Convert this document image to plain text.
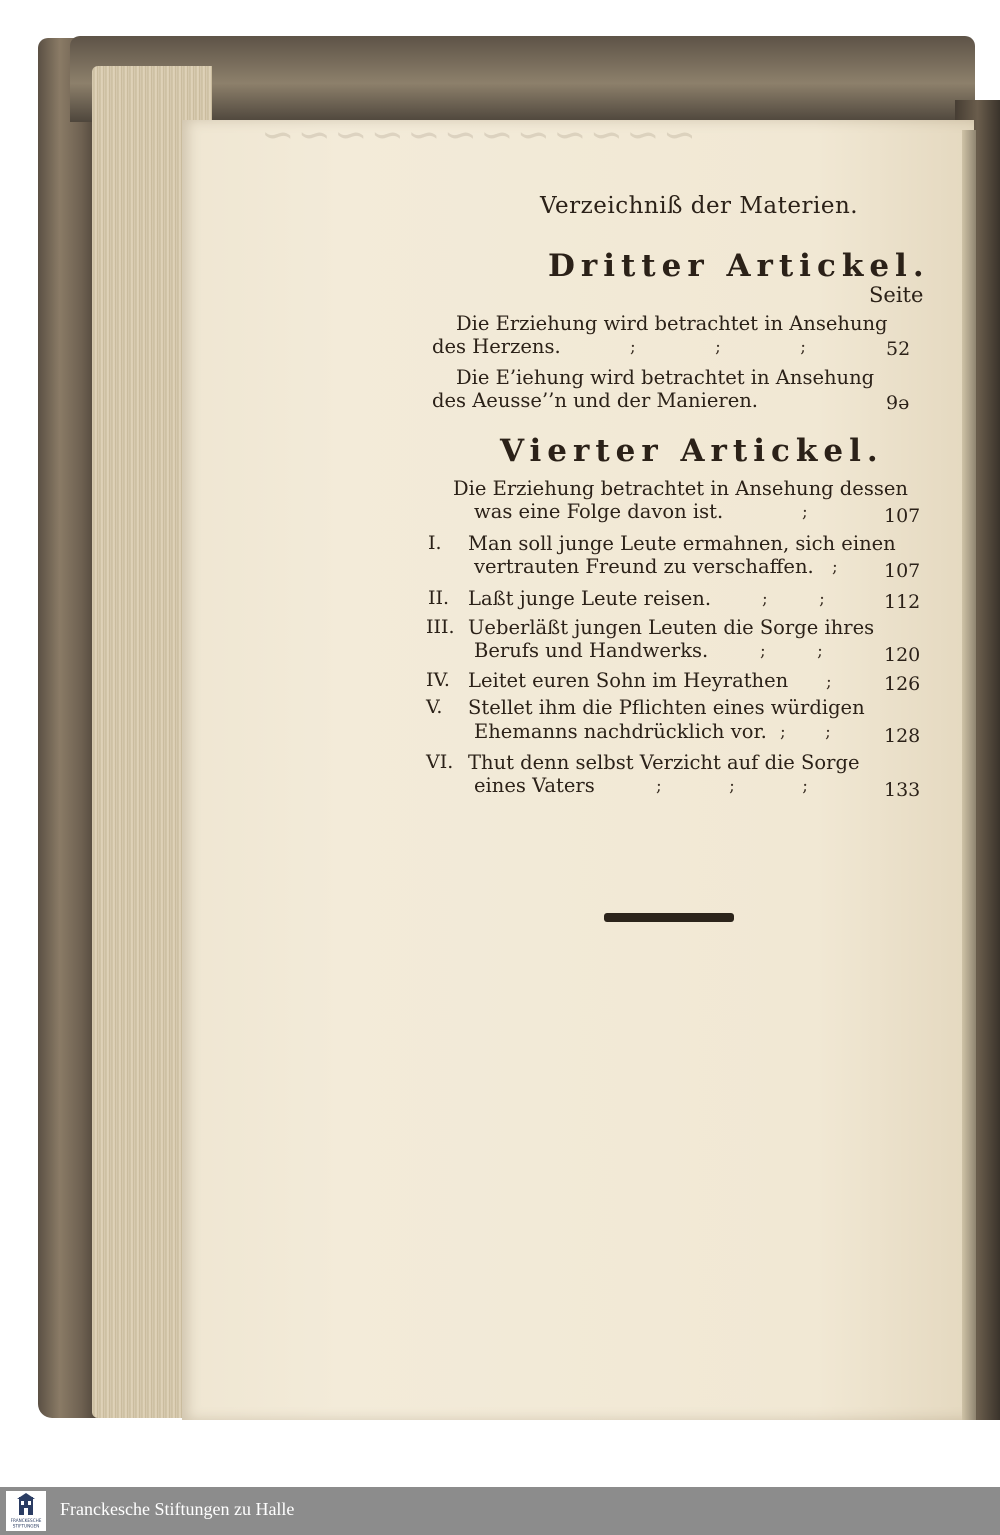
Verzeichniß der Materien.
Seite
Dritter Artickel.
Die Erziehung wird betrachtet in Ansehung
des Herzens.	; ; ;	52
Die E’iehung wird betrachtet in Ansehung
des Aeusse’’n und der Manieren.	9ə
Vierter Artickel.
Die Erziehung betrachtet in Ansehung dessen
was eine Folge davon ist.	;	107
I. Man soll junge Leute ermahnen, sich einen
vertrauten Freund zu verschaffen. ; 107
II. Laßt junge Leute reisen.	; ;	112
III. Ueberläßt jungen Leuten die Sorge ihres
Berufs und Handwerks.	; ;	120
IV. Leitet euren Sohn im Heyrathen ;	126
V. Stellet ihm die Pflichten eines würdigen
Ehemanns nachdrücklich vor. ; ;	128
VI. Thut denn selbst Verzicht auf die Sorge
eines Vaters	; ; ;	133
FRANCKESCHE
STIFTUNGEN
Franckesche Stiftungen zu Halle
